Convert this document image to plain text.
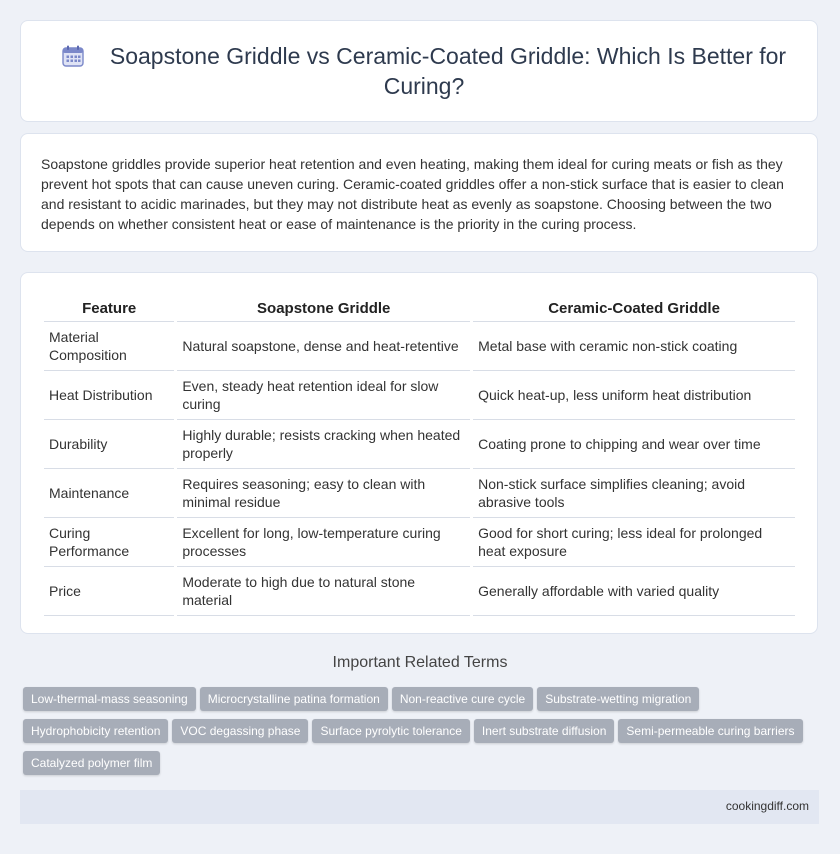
Soapstone Griddle vs Ceramic-Coated Griddle: Which Is Better for Curing?
Soapstone griddles provide superior heat retention and even heating, making them ideal for curing meats or fish as they prevent hot spots that can cause uneven curing. Ceramic-coated griddles offer a non-stick surface that is easier to clean and resistant to acidic marinades, but they may not distribute heat as evenly as soapstone. Choosing between the two depends on whether consistent heat or ease of maintenance is the priority in the curing process.
Feature	Soapstone Griddle	Ceramic-Coated Griddle
Material Composition	Natural soapstone, dense and heat-retentive	Metal base with ceramic non-stick coating
Heat Distribution	Even, steady heat retention ideal for slow curing	Quick heat-up, less uniform heat distribution
Durability	Highly durable; resists cracking when heated properly	Coating prone to chipping and wear over time
Maintenance	Requires seasoning; easy to clean with minimal residue	Non-stick surface simplifies cleaning; avoid abrasive tools
Curing Performance	Excellent for long, low-temperature curing processes	Good for short curing; less ideal for prolonged heat exposure
Price	Moderate to high due to natural stone material	Generally affordable with varied quality
Important Related Terms
Low-thermal-mass seasoning Microcrystalline patina formation Non-reactive cure cycle Substrate-wetting migration
Hydrophobicity retention VOC degassing phase Surface pyrolytic tolerance Inert substrate diffusion Semi-permeable curing barriers
Catalyzed polymer film
cookingdiff.com
